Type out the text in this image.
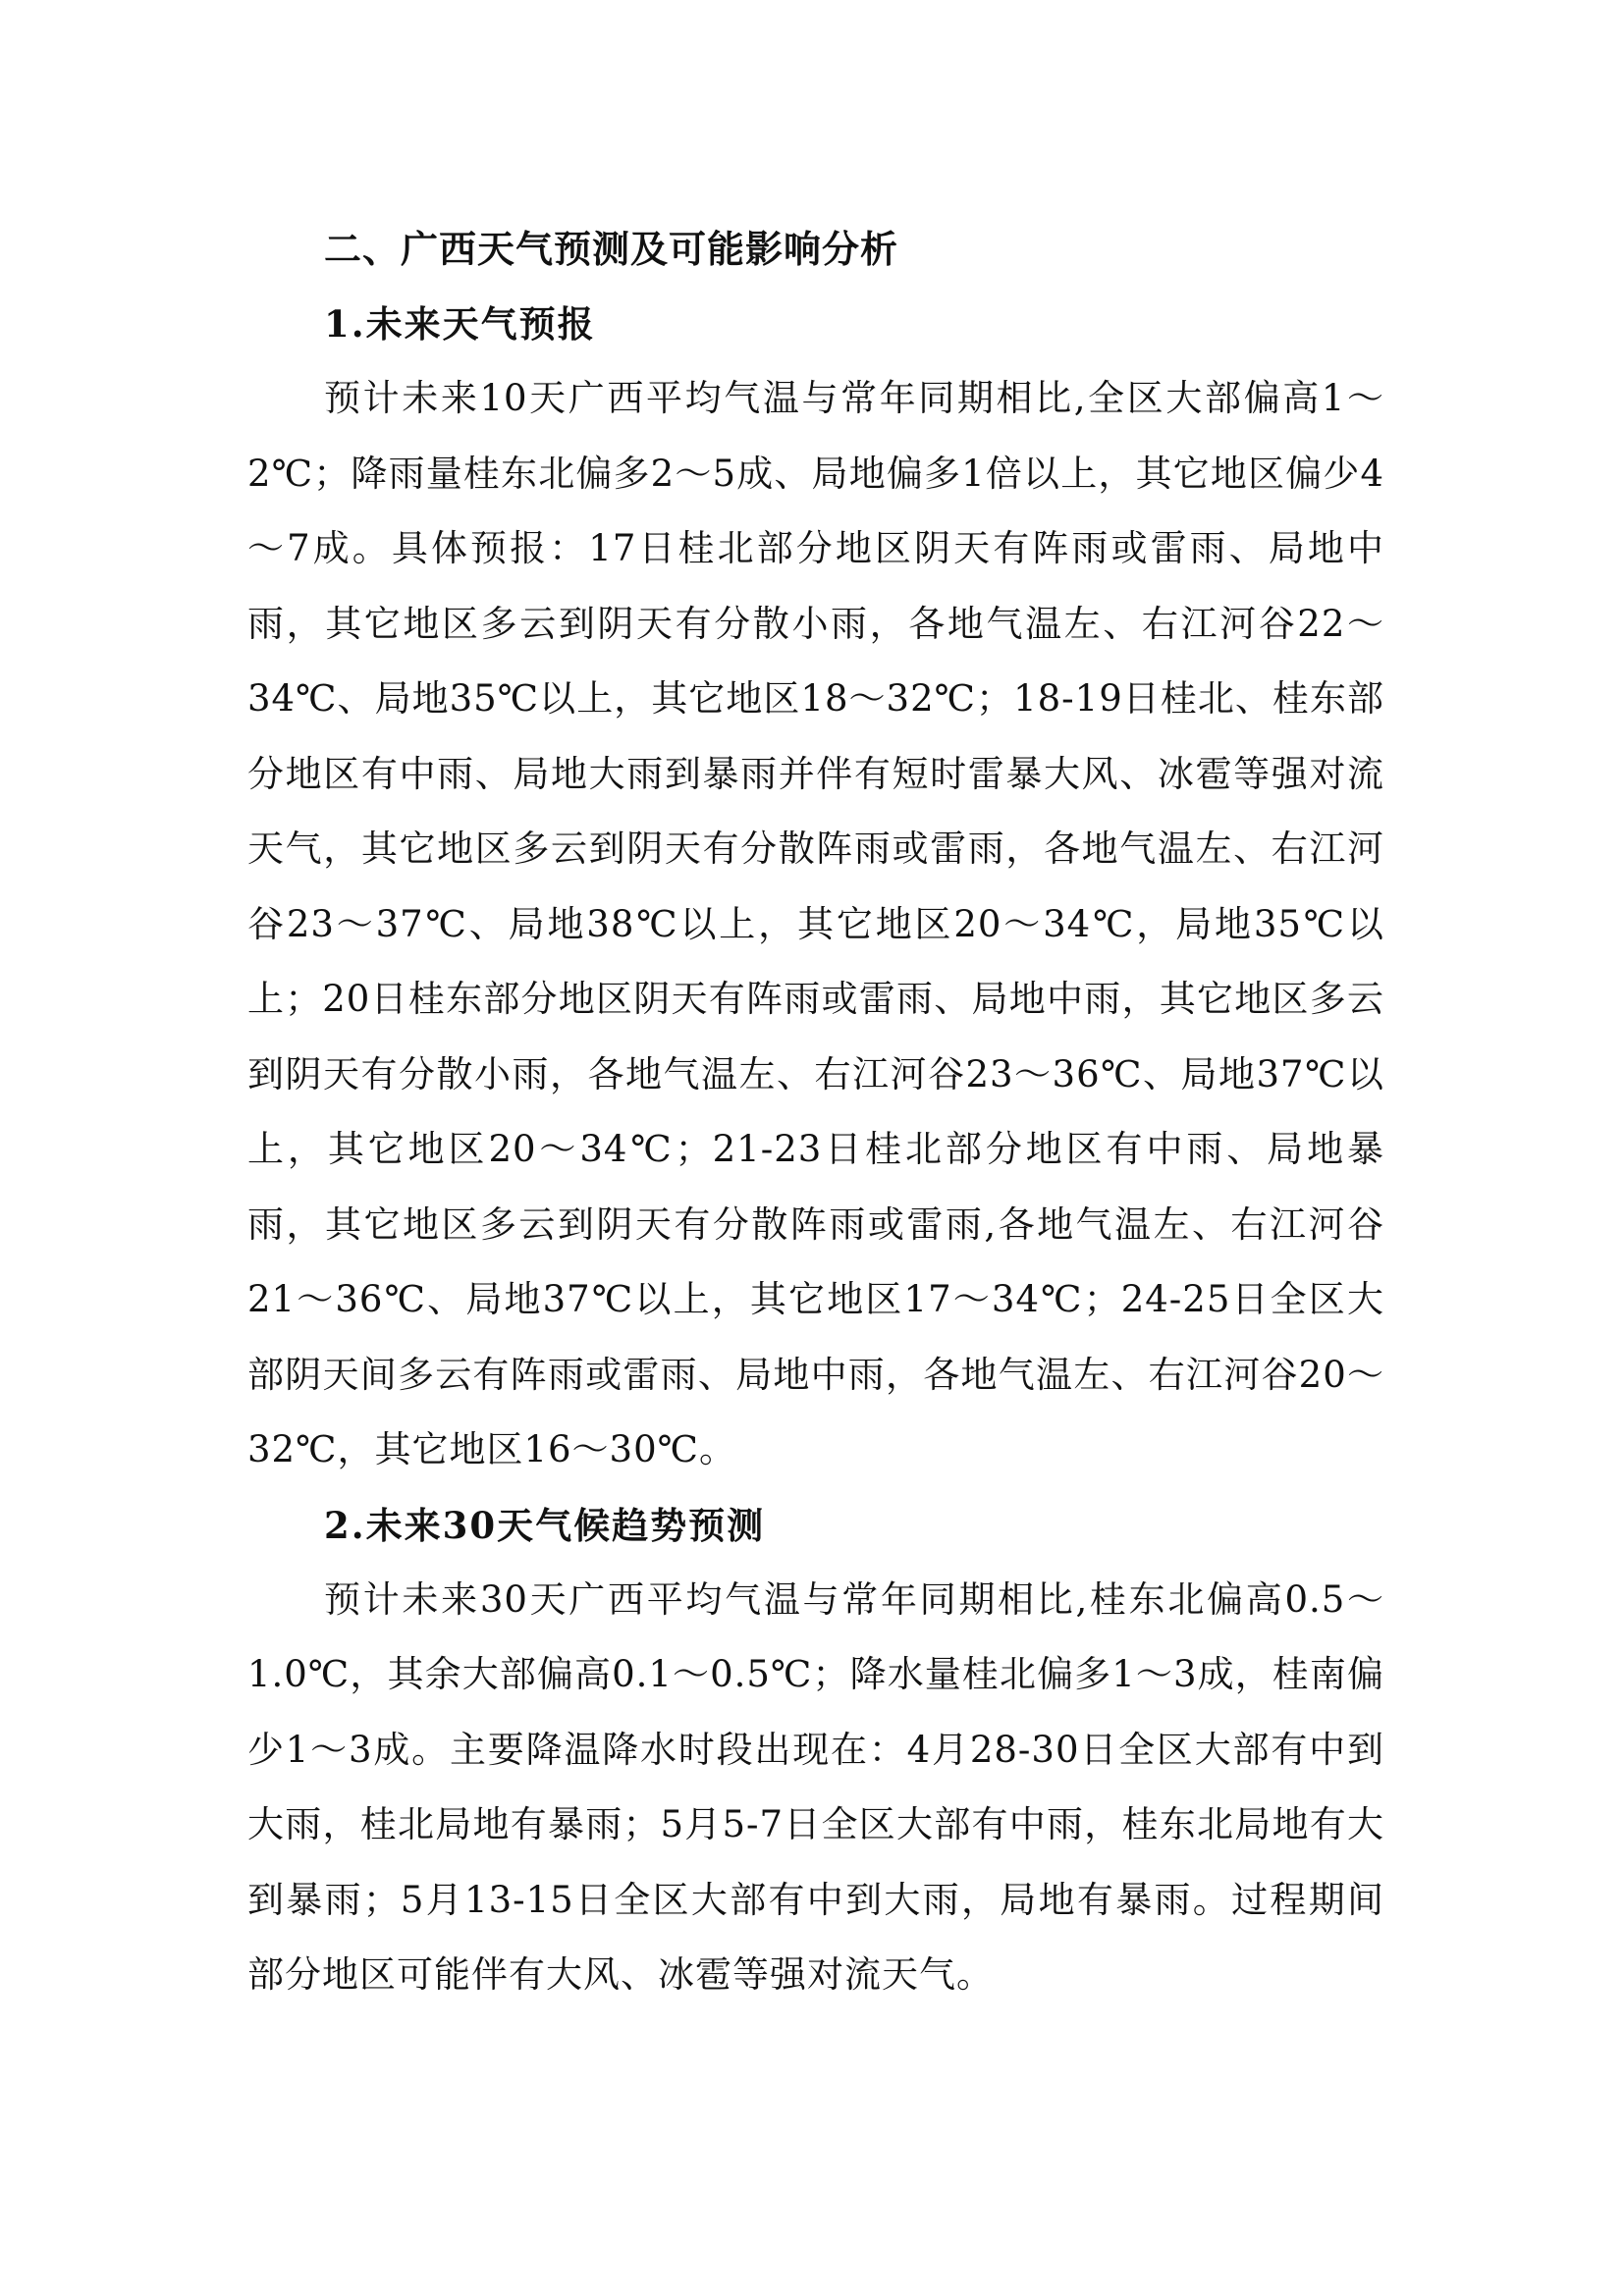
二、广西天气预测及可能影响分析
1.未来天气预报

预计未来10天广西平均气温与常年同期相比,全区大部偏高1～2℃；降雨量桂东北偏多2～5成、局地偏多1倍以上，其它地区偏少4～7成。具体预报：17日桂北部分地区阴天有阵雨或雷雨、局地中雨，其它地区多云到阴天有分散小雨，各地气温左、右江河谷22～34℃、局地35℃以上，其它地区18～32℃；18-19日桂北、桂东部分地区有中雨、局地大雨到暴雨并伴有短时雷暴大风、冰雹等强对流天气，其它地区多云到阴天有分散阵雨或雷雨，各地气温左、右江河谷23～37℃、局地38℃以上，其它地区20～34℃，局地35℃以上；20日桂东部分地区阴天有阵雨或雷雨、局地中雨，其它地区多云到阴天有分散小雨，各地气温左、右江河谷23～36℃、局地37℃以上，其它地区20～34℃；21-23日桂北部分地区有中雨、局地暴雨，其它地区多云到阴天有分散阵雨或雷雨,各地气温左、右江河谷21～36℃、局地37℃以上，其它地区17～34℃；24-25日全区大部阴天间多云有阵雨或雷雨、局地中雨，各地气温左、右江河谷20～32℃，其它地区16～30℃。

2.未来30天气候趋势预测

预计未来30天广西平均气温与常年同期相比,桂东北偏高0.5～1.0℃，其余大部偏高0.1～0.5℃；降水量桂北偏多1～3成，桂南偏少1～3成。主要降温降水时段出现在：4月28-30日全区大部有中到大雨，桂北局地有暴雨；5月5-7日全区大部有中雨，桂东北局地有大到暴雨；5月13-15日全区大部有中到大雨，局地有暴雨。过程期间部分地区可能伴有大风、冰雹等强对流天气。
